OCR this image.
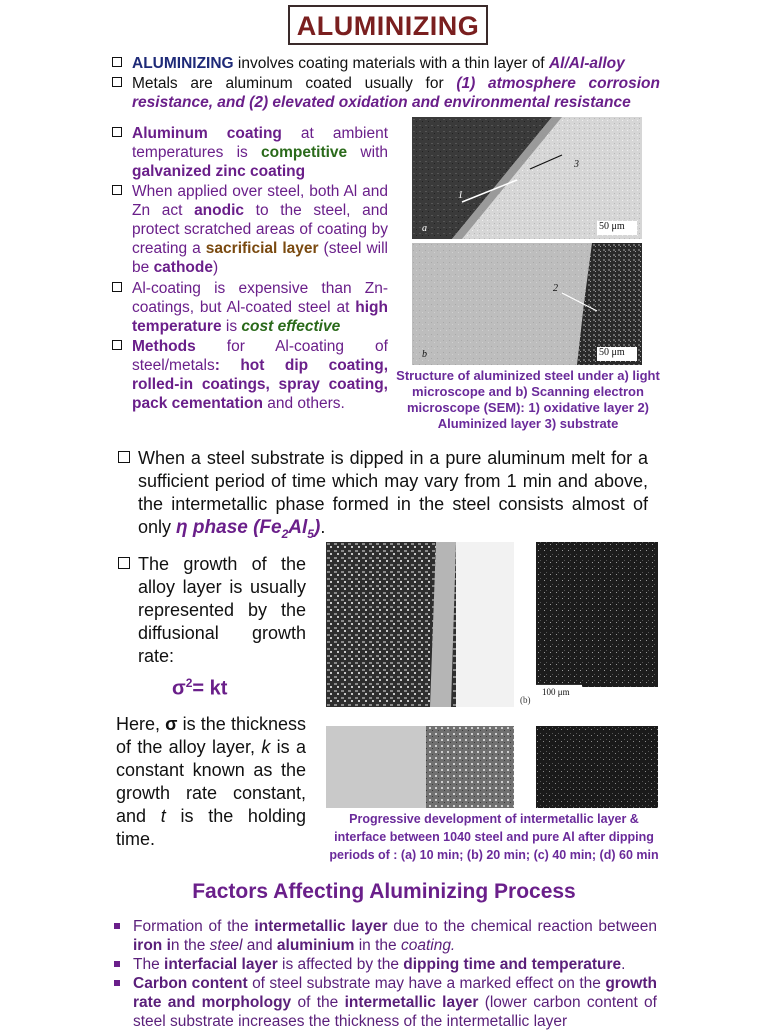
ALUMINIZING
ALUMINIZING involves coating materials with a thin layer of Al/Al-alloy
Metals are aluminum coated usually for (1) atmosphere corrosion resistance, and (2) elevated oxidation and environmental resistance
Aluminum coating at ambient temperatures is competitive with galvanized zinc coating
When applied over steel, both Al and Zn act anodic to the steel, and protect scratched areas of coating by creating a sacrificial layer (steel will be cathode)
Al-coating is expensive than Zn-coatings, but Al-coated steel at high temperature is cost effective
Methods for Al-coating of steel/metals: hot dip coating, rolled-in coatings, spray coating, pack cementation and others.
a
1
3
50 μm
b
2
50 μm
Structure of aluminized steel under a) light microscope and b) Scanning electron microscope (SEM): 1) oxidative layer 2) Aluminized layer 3) substrate
When a steel substrate is dipped in a pure aluminum melt for a sufficient period of time which may vary from 1 min and above, the intermetallic phase formed in the steel consists almost of only η phase $(Fe_2Al_5)$.
The growth of the alloy layer is usually represented by the diffusional growth rate:
$\sigma^2=$ kt
Here, σ is the thickness of the alloy layer, k is a constant known as the growth rate constant, and t is the holding time.
(b)
100 μm
Progressive development of intermetallic layer &
interface between 1040 steel and pure Al after dipping
periods of : (a) 10 min; (b) 20 min; (c) 40 min; (d) 60 min
Factors Affecting Aluminizing Process
Formation of the intermetallic layer due to the chemical reaction between iron in the steel and aluminium in the coating.
The interfacial layer is affected by the dipping time and temperature.
Carbon content of steel substrate may have a marked effect on the growth rate and morphology of the intermetallic layer (lower carbon content of steel substrate increases the thickness of the intermetallic layer
